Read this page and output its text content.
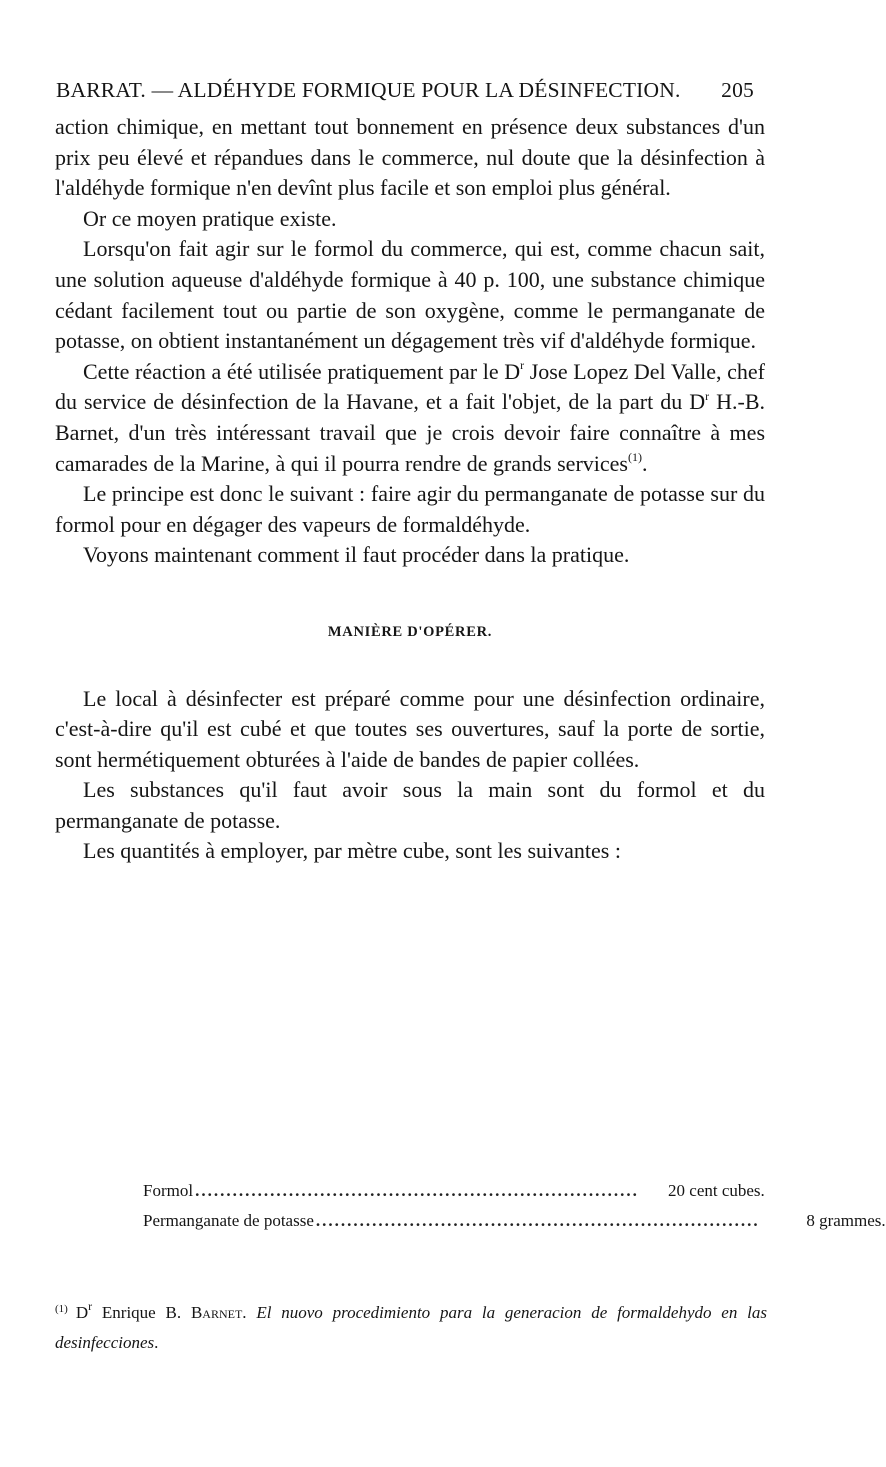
BARRAT. — ALDÉHYDE FORMIQUE POUR LA DÉSINFECTION. 205

action chimique, en mettant tout bonnement en présence deux substances d'un prix peu élevé et répandues dans le commerce, nul doute que la désinfection à l'aldéhyde formique n'en devînt plus facile et son emploi plus général.

Or ce moyen pratique existe.

Lorsqu'on fait agir sur le formol du commerce, qui est, comme chacun sait, une solution aqueuse d'aldéhyde formique à 40 p. 100, une substance chimique cédant facilement tout ou partie de son oxygène, comme le permanganate de potasse, on obtient instantanément un dégagement très vif d'aldéhyde formique.

Cette réaction a été utilisée pratiquement par le $D^r$ Jose Lopez Del Valle, chef du service de désinfection de la Havane, et a fait l'objet, de la part du $D^r$ H.-B. Barnet, d'un très intéressant travail que je crois devoir faire connaître à mes camarades de la Marine, à qui il pourra rendre de grands services$^{(1)}$.

Le principe est donc le suivant : faire agir du permanganate de potasse sur du formol pour en dégager des vapeurs de formaldéhyde.

Voyons maintenant comment il faut procéder dans la pratique.

MANIÈRE D'OPÉRER.

Le local à désinfecter est préparé comme pour une désinfection ordinaire, c'est-à-dire qu'il est cubé et que toutes ses ouvertures, sauf la porte de sortie, sont hermétiquement obturées à l'aide de bandes de papier collées.

Les substances qu'il faut avoir sous la main sont du formol et du permanganate de potasse.

Les quantités à employer, par mètre cube, sont les suivantes :

Formol .......................................................................	20 cent cubes.
Permanganate de potasse .......................................................................	8 grammes.
$^{(1)}$ $D^r$ Enrique B. Barnet. El nuovo procedimiento para la generacion de formaldehydo en las desinfecciones.
